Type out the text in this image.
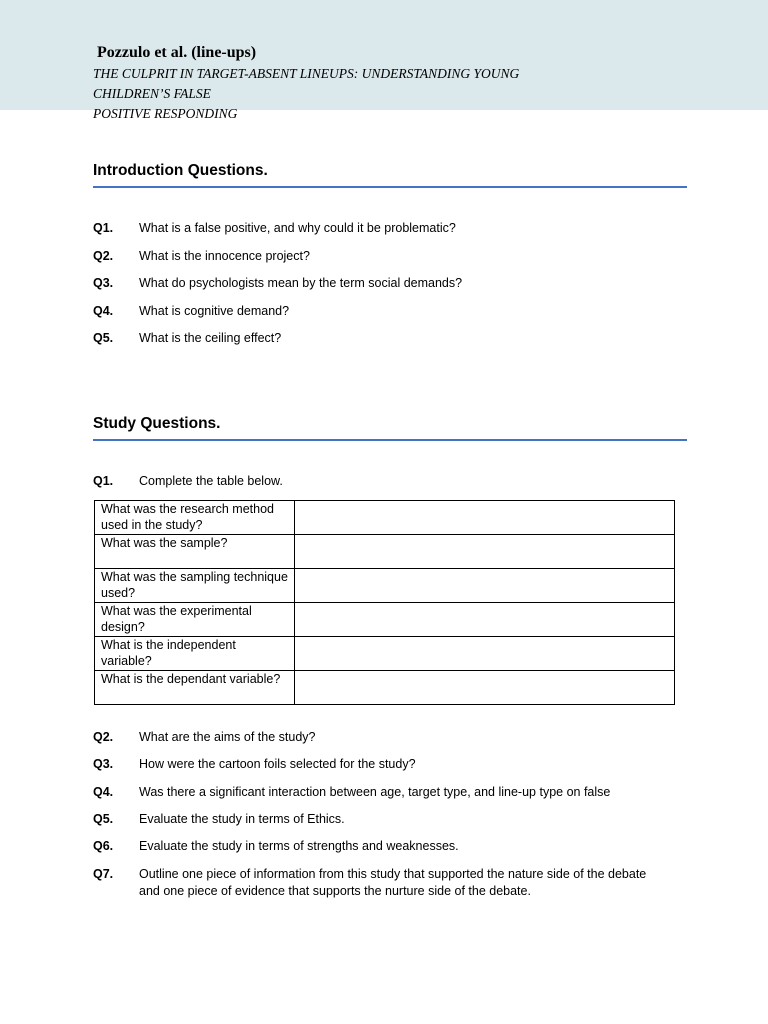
Pozzulo et al. (line-ups)
THE CULPRIT IN TARGET-ABSENT LINEUPS: UNDERSTANDING YOUNG
CHILDREN’S FALSE
POSITIVE RESPONDING
Introduction Questions.
Q1. What is a false positive, and why could it be problematic?
Q2. What is the innocence project?
Q3. What do psychologists mean by the term social demands?
Q4. What is cognitive demand?
Q5. What is the ceiling effect?
Study Questions.
Q1. Complete the table below.
What was the research method used in the study?	
What was the sample?	
What was the sampling technique used?	
What was the experimental design?	
What is the independent variable?	
What is the dependant variable?	
Q2. What are the aims of the study?
Q3. How were the cartoon foils selected for the study?
Q4. Was there a significant interaction between age, target type, and line-up type on false
Q5. Evaluate the study in terms of Ethics.
Q6. Evaluate the study in terms of strengths and weaknesses.
Q7. Outline one piece of information from this study that supported the nature side of the debate and one piece of evidence that supports the nurture side of the debate.
